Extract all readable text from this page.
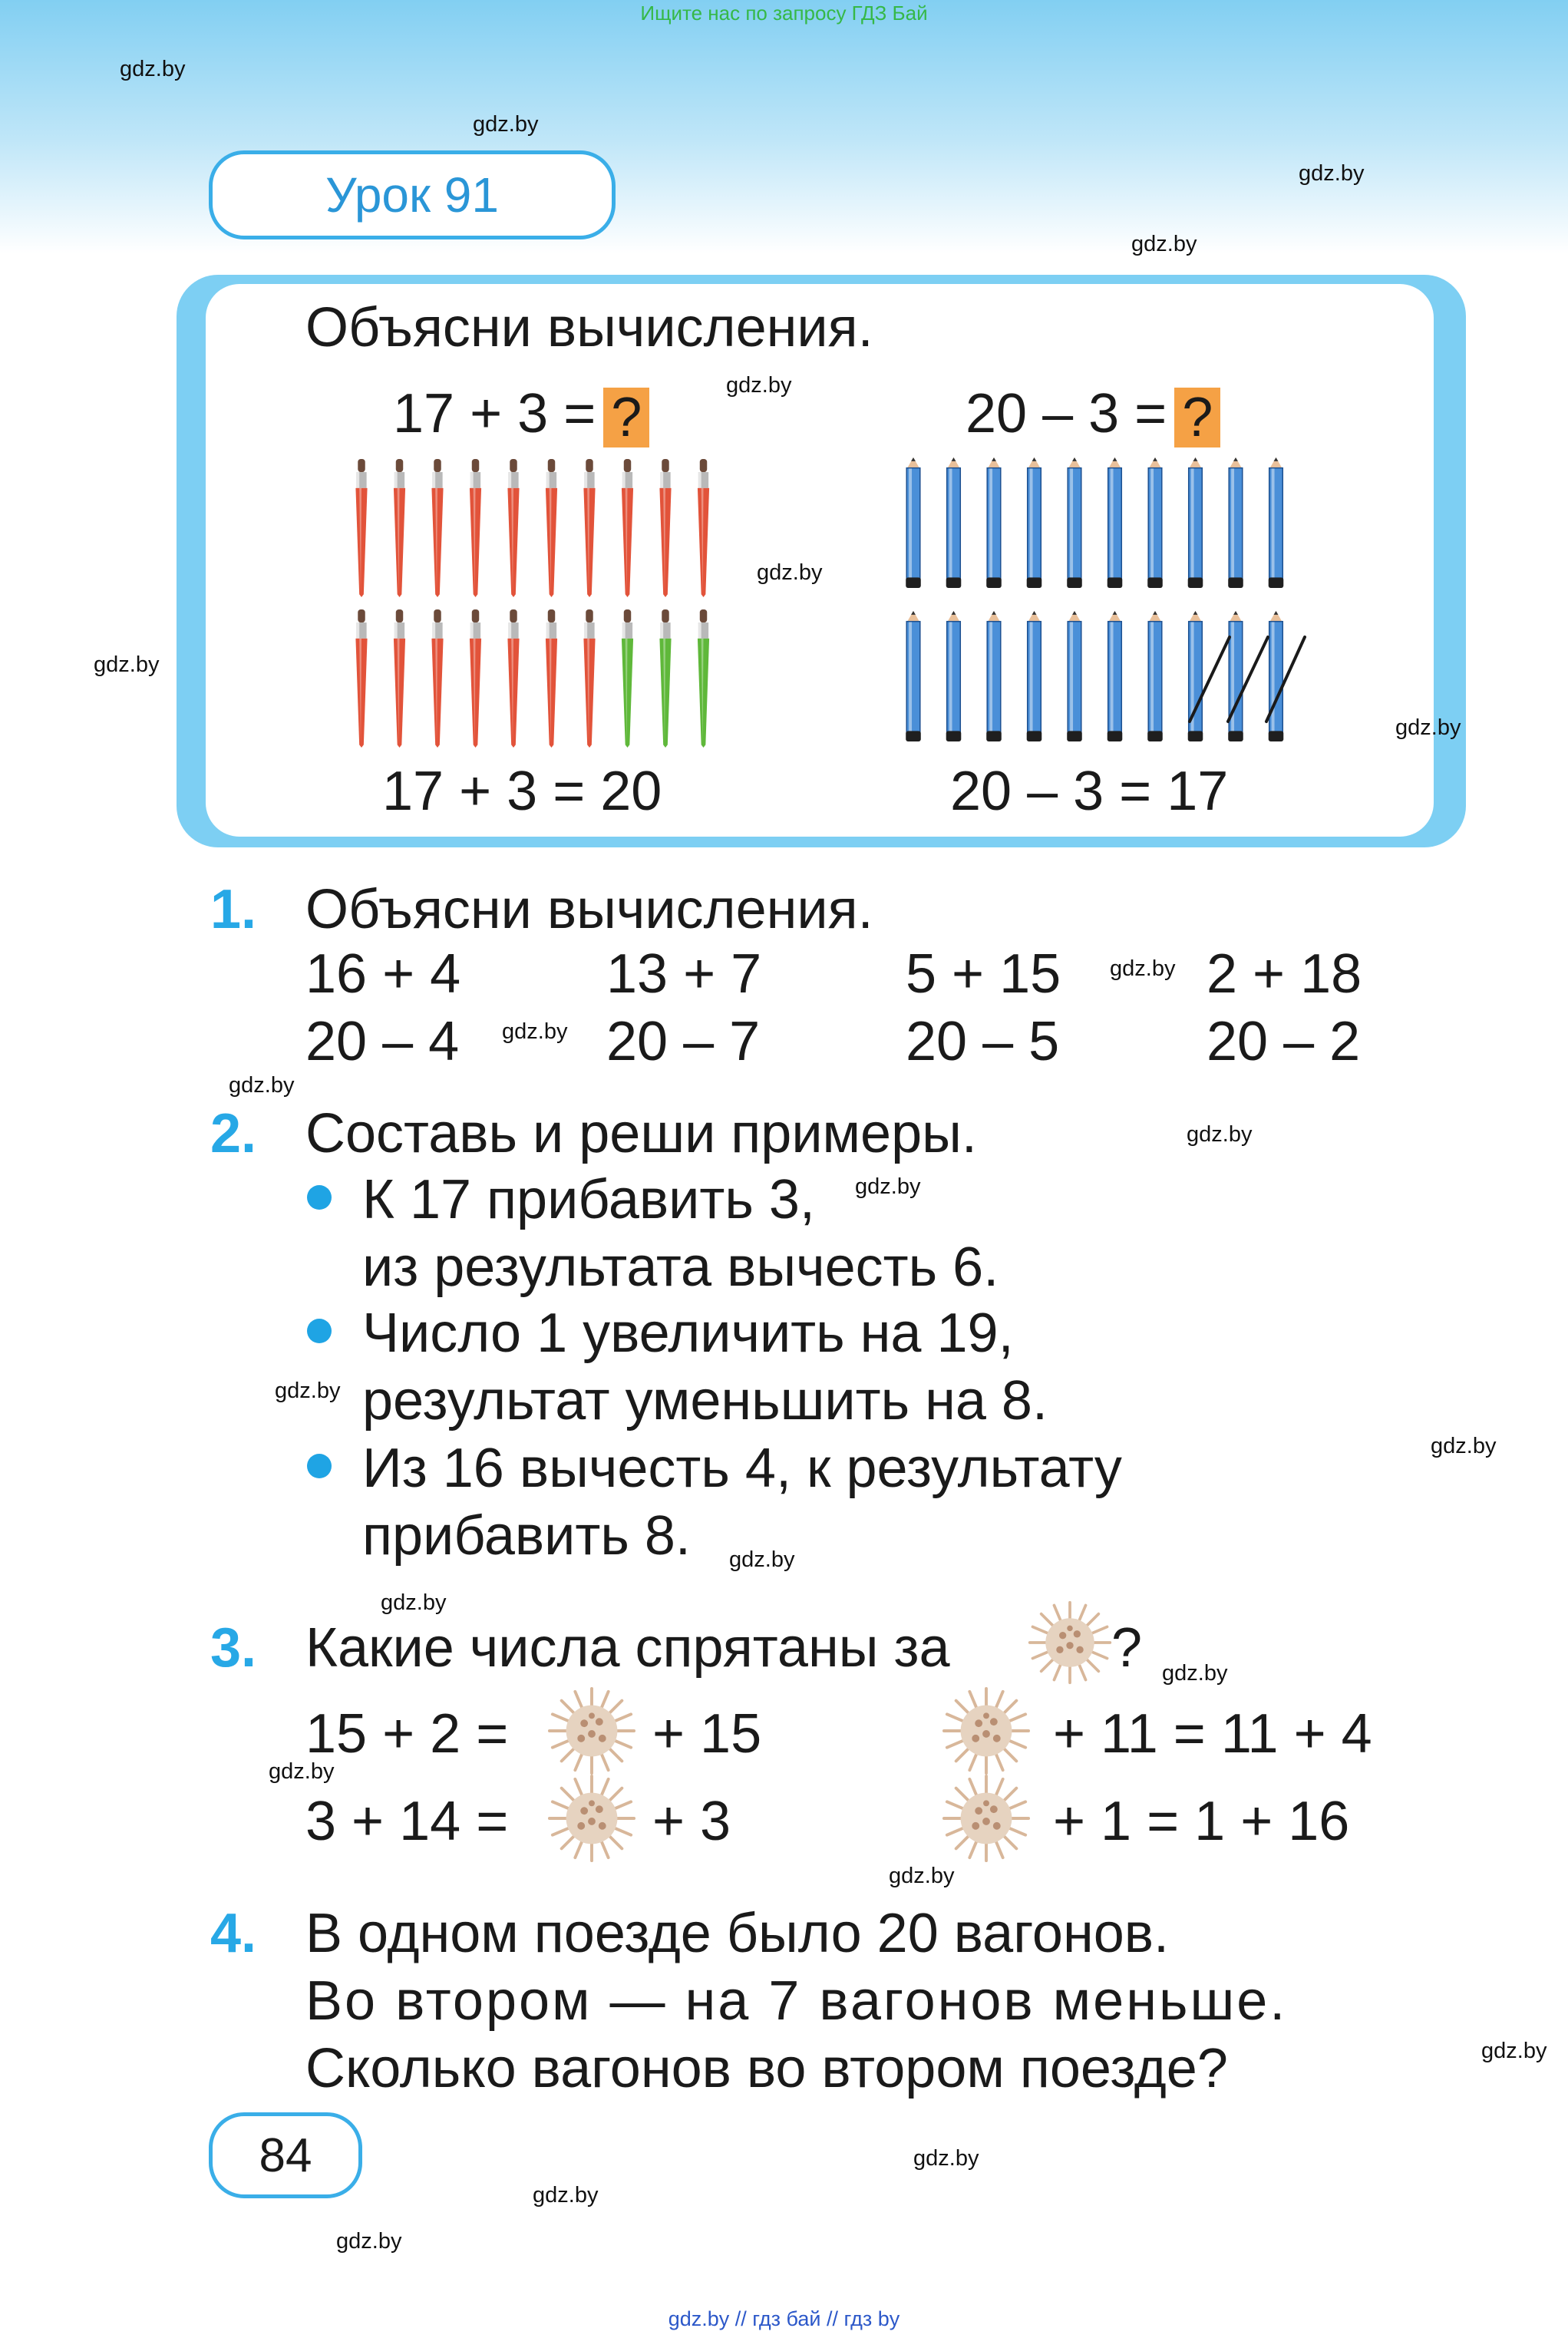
Ищите нас по запросу ГДЗ Бай
Урок 91
Объясни вычисления.
17 + 3 = ?	20 – 3 = ?
17 + 3 = 20	20 – 3 = 17
1. Объясни вычисления.
16 + 4	13 + 7	5 + 15	2 + 18
20 – 4	20 – 7	20 – 5	20 – 2
2. Составь и реши примеры.
К 17 прибавить 3,
из результата вычесть 6.
Число 1 увеличить на 19,
результат уменьшить на 8.
Из 16 вычесть 4, к результату
прибавить 8.
3. Какие числа спрятаны за	?
15 + 2 =	+ 15	+ 11 = 11 + 4
3 + 14 =	+ 3	+ 1 = 1 + 16
4. В одном поезде было 20 вагонов.
Во втором — на 7 вагонов меньше.
Сколько вагонов во втором поезде?
84
gdz.by
gdz.by
gdz.by
gdz.by
gdz.by
gdz.by
gdz.by
gdz.by
gdz.by
gdz.by
gdz.by
gdz.by
gdz.by
gdz.by
gdz.by
gdz.by
gdz.by
gdz.by
gdz.by
gdz.by
gdz.by
gdz.by
gdz.by
gdz.by
gdz.by // гдз бай // гдз by
